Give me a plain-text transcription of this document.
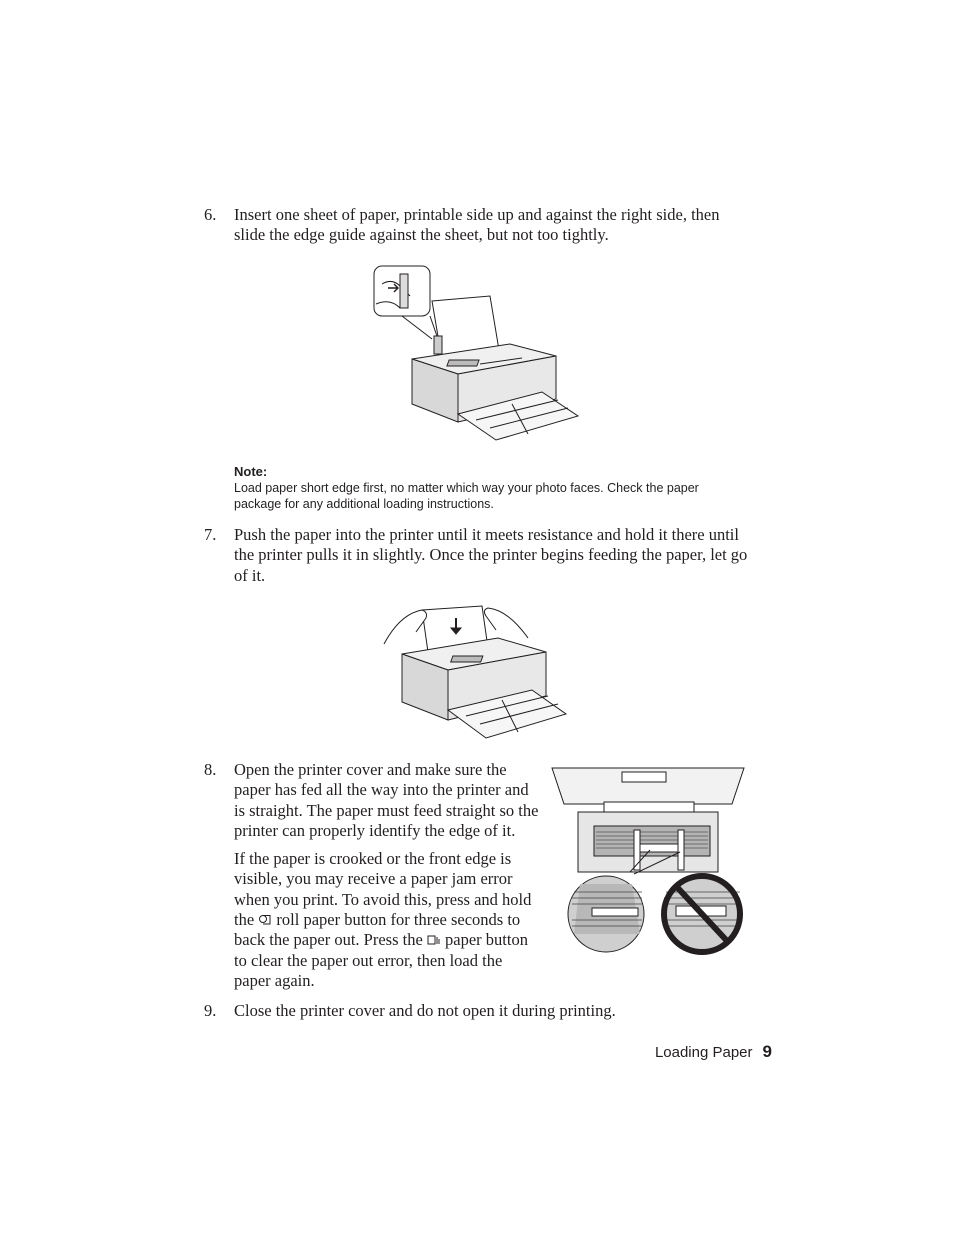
6.	Insert one sheet of paper, printable side up and against the right side, then slide the edge guide against the sheet, but not too tightly.

Note:
Load paper short edge first, no matter which way your photo faces. Check the paper package for any additional loading instructions.
7.	Push the paper into the printer until it meets resistance and hold it there until the printer pulls it in slightly. Once the printer begins feeding the paper, let go of it.

8.	Open the printer cover and make sure the paper has fed all the way into the printer and is straight. The paper must feed straight so the printer can properly identify the edge of it.

If the paper is crooked or the front edge is visible, you may receive a paper jam error when you print. To avoid this, press and hold the roll paper button for three seconds to back the paper out. Press the paper button to clear the paper out error, then load the paper again.

9.	Close the printer cover and do not open it during printing.

Loading Paper 9
